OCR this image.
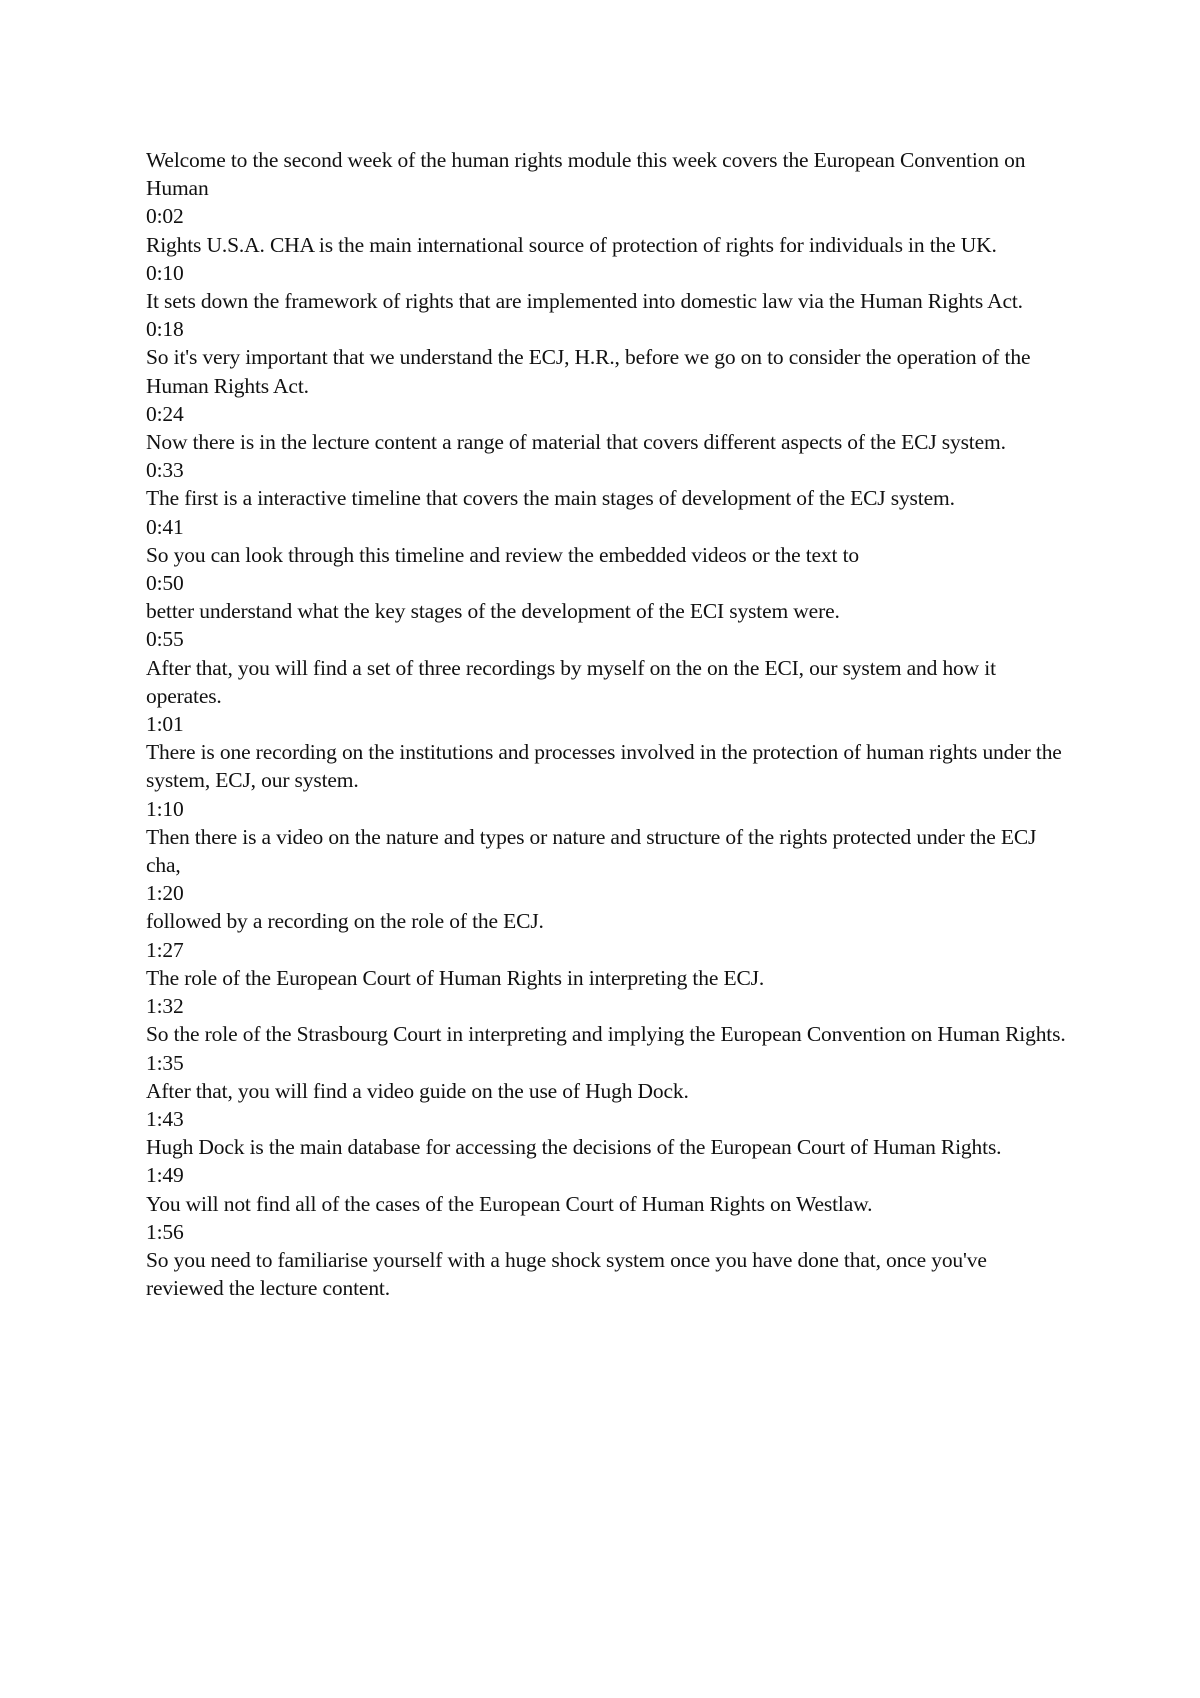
Welcome to the second week of the human rights module this week covers the European Convention on Human
0:02
Rights U.S.A. CHA is the main international source of protection of rights for individuals in the UK.
0:10
It sets down the framework of rights that are implemented into domestic law via the Human Rights Act.
0:18
So it's very important that we understand the ECJ, H.R., before we go on to consider the operation of the Human Rights Act.
0:24
Now there is in the lecture content a range of material that covers different aspects of the ECJ system.
0:33
The first is a interactive timeline that covers the main stages of development of the ECJ system.
0:41
So you can look through this timeline and review the embedded videos or the text to
0:50
better understand what the key stages of the development of the ECI system were.
0:55
After that, you will find a set of three recordings by myself on the on the ECI, our system and how it operates.
1:01
There is one recording on the institutions and processes involved in the protection of human rights under the system, ECJ, our system.
1:10
Then there is a video on the nature and types or nature and structure of the rights protected under the ECJ cha,
1:20
followed by a recording on the role of the ECJ.
1:27
The role of the European Court of Human Rights in interpreting the ECJ.
1:32
So the role of the Strasbourg Court in interpreting and implying the European Convention on Human Rights.
1:35
After that, you will find a video guide on the use of Hugh Dock.
1:43
Hugh Dock is the main database for accessing the decisions of the European Court of Human Rights.
1:49
You will not find all of the cases of the European Court of Human Rights on Westlaw.
1:56
So you need to familiarise yourself with a huge shock system once you have done that, once you've reviewed the lecture content.
